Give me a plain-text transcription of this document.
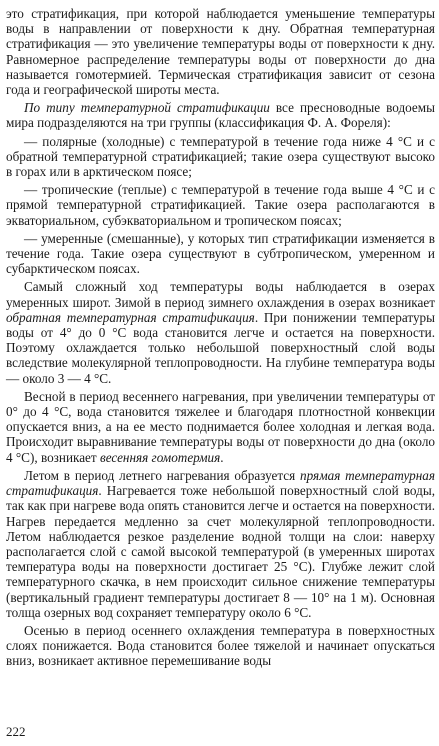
это стратификация, при которой наблюдается уменьшение температуры воды в направлении от поверхности к дну. Обратная температурная стратификация — это увеличение температуры воды от поверхности к дну. Равномерное распределение температуры воды от поверхности до дна называется гомотермией. Термическая стратификация зависит от сезона года и географической широты места.

По типу температурной стратификации все пресноводные водоемы мира подразделяются на три группы (классификация Ф. А. Фореля):

— полярные (холодные) с температурой в течение года ниже 4 °С и с обратной температурной стратификацией; такие озера существуют высоко в горах или в арктическом поясе;

— тропические (теплые) с температурой в течение года выше 4 °С и с прямой температурной стратификацией. Такие озера располагаются в экваториальном, субэкваториальном и тропическом поясах;

— умеренные (смешанные), у которых тип стратификации изменяется в течение года. Такие озера существуют в субтропическом, умеренном и субарктическом поясах.

Самый сложный ход температуры воды наблюдается в озерах умеренных широт. Зимой в период зимнего охлаждения в озерах возникает обратная температурная стратификация. При понижении температуры воды от 4° до 0 °С вода становится легче и остается на поверхности. Поэтому охлаждается только небольшой поверхностный слой воды вследствие молекулярной теплопроводности. На глубине температура воды — около 3 — 4 °С.

Весной в период весеннего нагревания, при увеличении температуры от 0° до 4 °С, вода становится тяжелее и благодаря плотностной конвекции опускается вниз, а на ее место поднимается более холодная и легкая вода. Происходит выравнивание температуры воды от поверхности до дна (около 4 °С), возникает весенняя гомотермия.

Летом в период летнего нагревания образуется прямая температурная стратификация. Нагревается тоже небольшой поверхностный слой воды, так как при нагреве вода опять становится легче и остается на поверхности. Нагрев передается медленно за счет молекулярной теплопроводности. Летом наблюдается резкое разделение водной толщи на слои: наверху располагается слой с самой высокой температурой (в умеренных широтах температура воды на поверхности достигает 25 °С). Глубже лежит слой температурного скачка, в нем происходит сильное снижение температуры (вертикальный градиент температуры достигает 8 — 10° на 1 м). Основная толща озерных вод сохраняет температуру около 6 °С.

Осенью в период осеннего охлаждения температура в поверхностных слоях понижается. Вода становится более тяжелой и начинает опускаться вниз, возникает активное перемешивание воды

222
